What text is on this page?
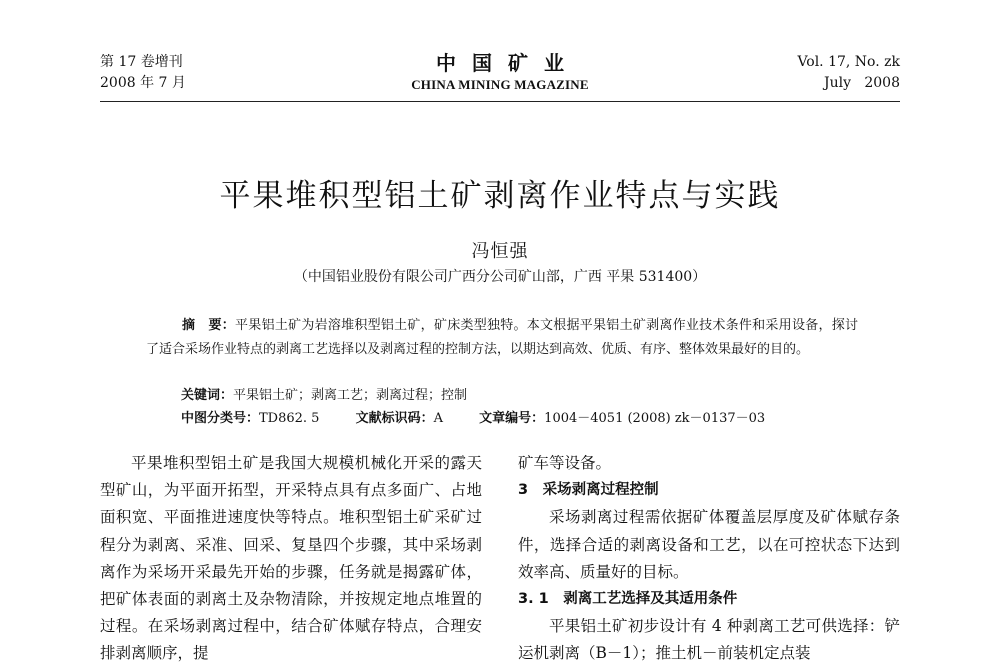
第 17 卷增刊
2008 年 7 月
中国矿业
CHINA MINING MAGAZINE
Vol. 17, No. zk
July   2008
平果堆积型铝土矿剥离作业特点与实践
冯恒强
（中国铝业股份有限公司广西分公司矿山部，广西 平果 531400）

摘　要：平果铝土矿为岩溶堆积型铝土矿，矿床类型独特。本文根据平果铝土矿剥离作业技术条件和采用设备，探讨了适合采场作业特点的剥离工艺选择以及剥离过程的控制方法，以期达到高效、优质、有序、整体效果最好的目的。

关键词：平果铝土矿；剥离工艺；剥离过程；控制
中图分类号：TD862. 5	文献标识码：A	文章编号：1004－4051 (2008) zk－0137－03

平果堆积型铝土矿是我国大规模机械化开采的露天型矿山，为平面开拓型，开采特点具有点多面广、占地面积宽、平面推进速度快等特点。堆积型铝土矿采矿过程分为剥离、采准、回采、复垦四个步骤，其中采场剥离作为采场开采最先开始的步骤，任务就是揭露矿体，把矿体表面的剥离土及杂物清除，并按规定地点堆置的过程。在采场剥离过程中，结合矿体赋存特点，合理安排剥离顺序，提

矿车等设备。

3　采场剥离过程控制

采场剥离过程需依据矿体覆盖层厚度及矿体赋存条件，选择合适的剥离设备和工艺，以在可控状态下达到效率高、质量好的目标。

3. 1　剥离工艺选择及其适用条件

平果铝土矿初步设计有 4 种剥离工艺可供选择：铲运机剥离（B－1）；推土机－前装机定点装
